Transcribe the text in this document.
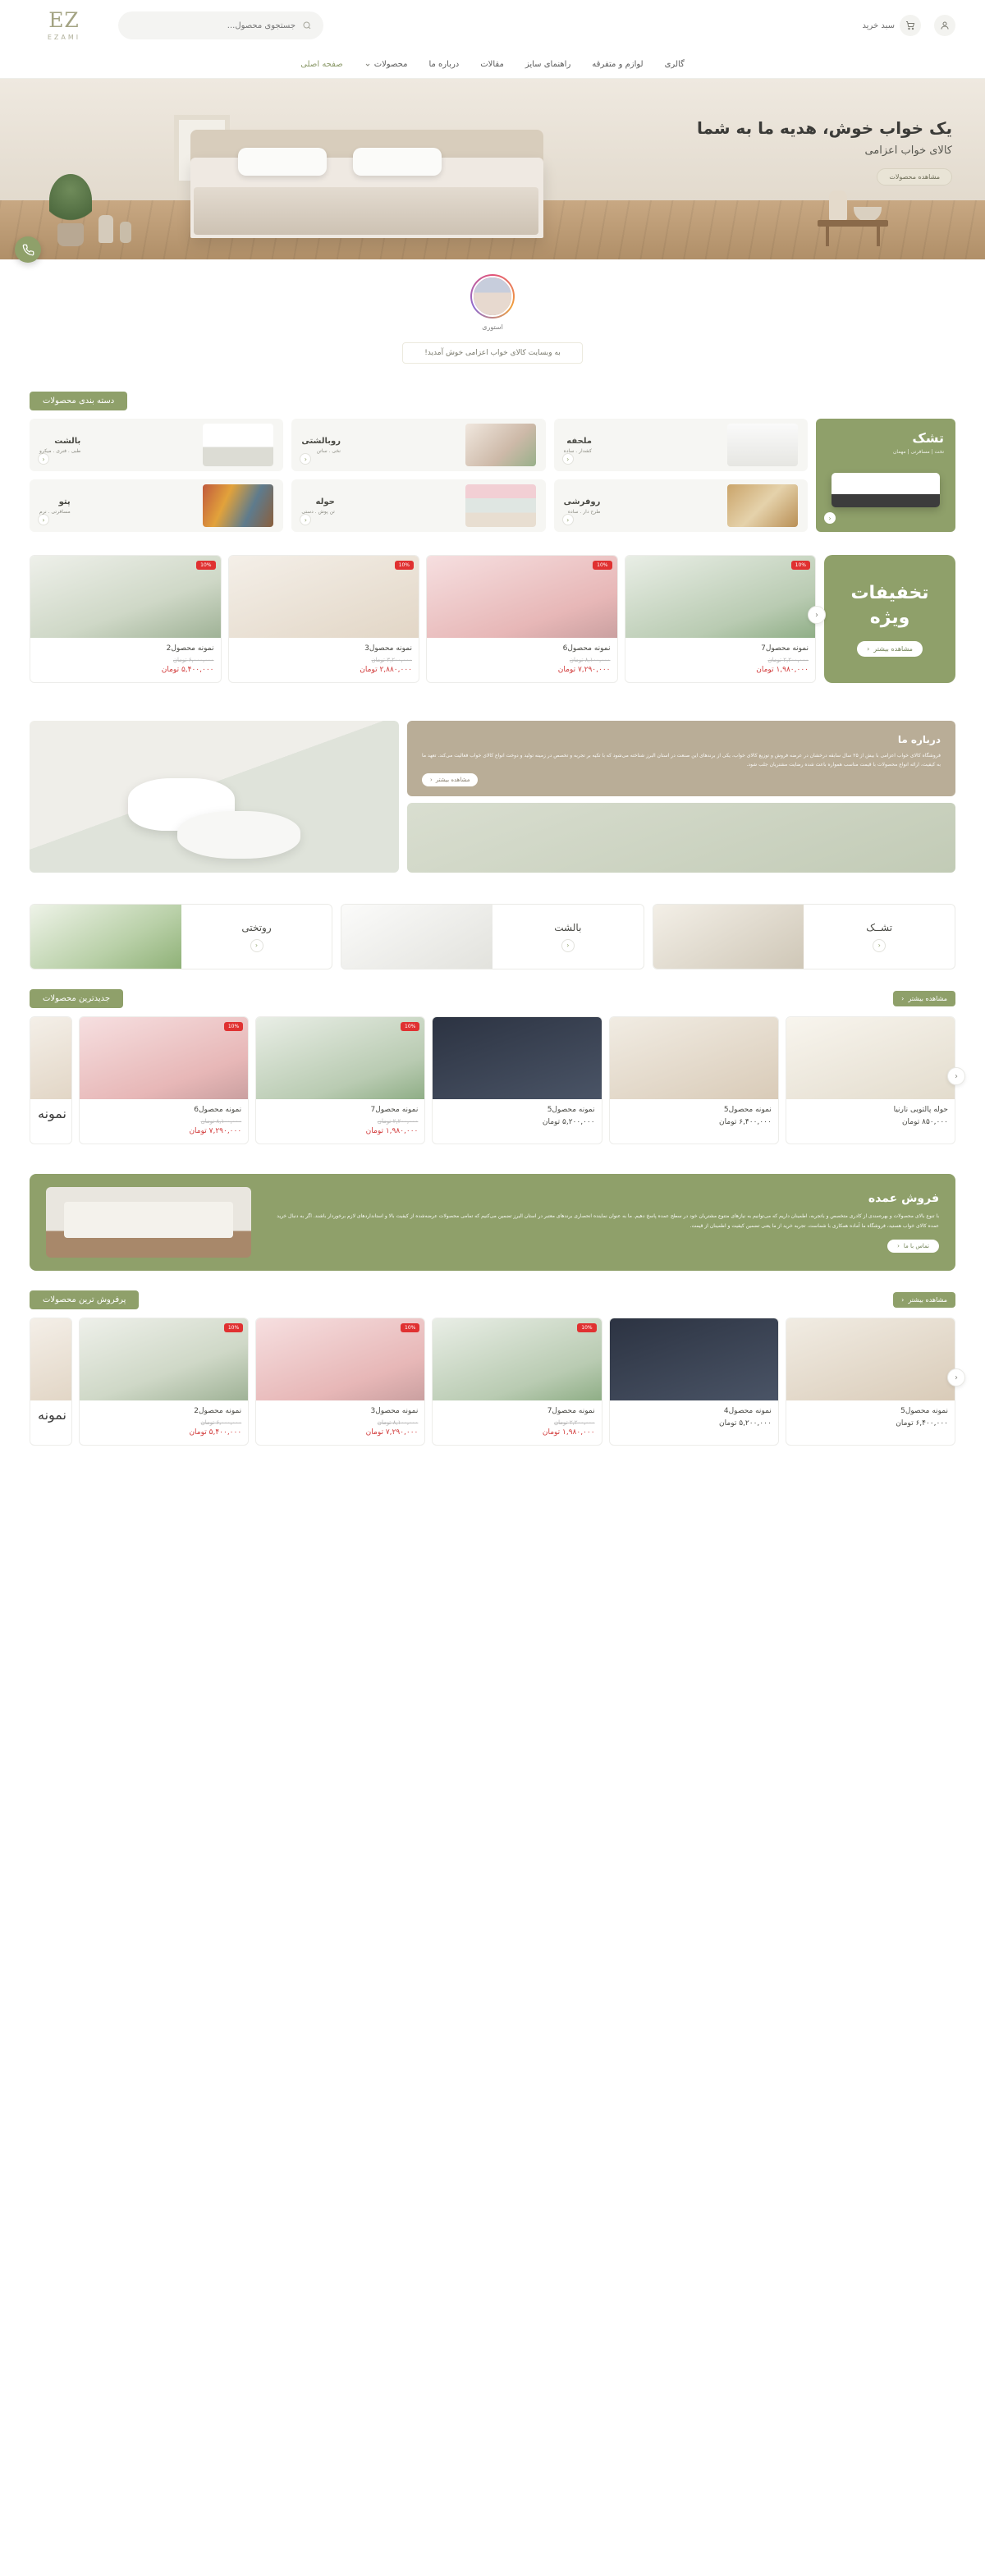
سبد خرید
جستجوی محصول...
EZ
EZAMI
گالری
لوازم و متفرقه
راهنمای سایز
مقالات
درباره ما
محصولات
صفحه اصلی
یک خواب خوش، هدیه ما به شما
کالای خواب اعزامی
مشاهده محصولات
استوری
به وبسایت کالای خواب اعزامی خوش آمدید!
دسته بندی محصولات
تشک
تخت | مسافرتی | مهمان
‹
ملحفه
کشدار . ساده
‹
روبالشتی
نخی . ساتن
‹
بالشت
طبی . فنری . میکرو
‹
روفرشی
طرح دار . ساده
‹
حوله
تن پوش . دستی
‹
پتو
مسافرتی . نرم
‹
تخفیفات
ویژه
مشاهده بیشتر
‹
‹
10%
نمونه محصول7
۲,۲۰۰,۰۰۰ تومان
۱,۹۸۰,۰۰۰ تومان
10%
نمونه محصول6
۸,۱۰۰,۰۰۰ تومان
۷,۲۹۰,۰۰۰ تومان
10%
نمونه محصول3
۳,۲۰۰,۰۰۰ تومان
۲,۸۸۰,۰۰۰ تومان
10%
نمونه محصول2
۶,۰۰۰,۰۰۰ تومان
۵,۴۰۰,۰۰۰ تومان
درباره ما

فروشگاه کالای خواب اعزامی با بیش از ۲۵ سال سابقه درخشان در عرضه فروش و توزیع کالای خواب، یکی از برندهای این صنعت در استان البرز شناخته می‌شود که با تکیه بر تجربه و تخصص در زمینه تولید و دوخت انواع کالای خواب فعالیت می‌کند. تعهد ما به کیفیت، ارائه انواع محصولات با قیمت مناسب همواره باعث شده رضایت مشتریان جلب شود.

مشاهده بیشتر
‹
تشــک
‹
بالشت
‹
روتختی
‹
مشاهده بیشتر
‹
جدیدترین محصولات
‹
حوله پالتویی نارنیا
۸۵۰,۰۰۰ تومان
نمونه محصول5
۶,۴۰۰,۰۰۰ تومان
نمونه محصول5
۵,۲۰۰,۰۰۰ تومان
10%
نمونه محصول7
۲,۲۰۰,۰۰۰ تومان
۱,۹۸۰,۰۰۰ تومان
10%
نمونه محصول6
۸,۱۰۰,۰۰۰ تومان
۷,۲۹۰,۰۰۰ تومان
نمونه
فروش عمده

با تنوع بالای محصولات و بهره‌مندی از کادری متخصص و باتجربه، اطمینان داریم که می‌توانیم به نیازهای متنوع مشتریان خود در سطح عمده پاسخ دهیم. ما به عنوان نماینده انحصاری برندهای معتبر در استان البرز تضمین می‌کنیم که تمامی محصولات عرضه‌شده از کیفیت بالا و استاندارد‌های لازم برخوردار باشند. اگر به دنبال خرید عمده کالای خواب هستید، فروشگاه ما آماده همکاری با شماست. تجربه خرید از ما یعنی تضمین کیفیت و اطمینان از قیمت.

تماس با ما
‹
مشاهده بیشتر
‹
پرفروش ترین محصولات
‹
نمونه محصول5
۶,۴۰۰,۰۰۰ تومان
نمونه محصول4
۵,۲۰۰,۰۰۰ تومان
10%
نمونه محصول7
۲,۲۰۰,۰۰۰ تومان
۱,۹۸۰,۰۰۰ تومان
10%
نمونه محصول3
۸,۱۰۰,۰۰۰ تومان
۷,۲۹۰,۰۰۰ تومان
10%
نمونه محصول2
۶,۰۰۰,۰۰۰ تومان
۵,۴۰۰,۰۰۰ تومان
نمونه
